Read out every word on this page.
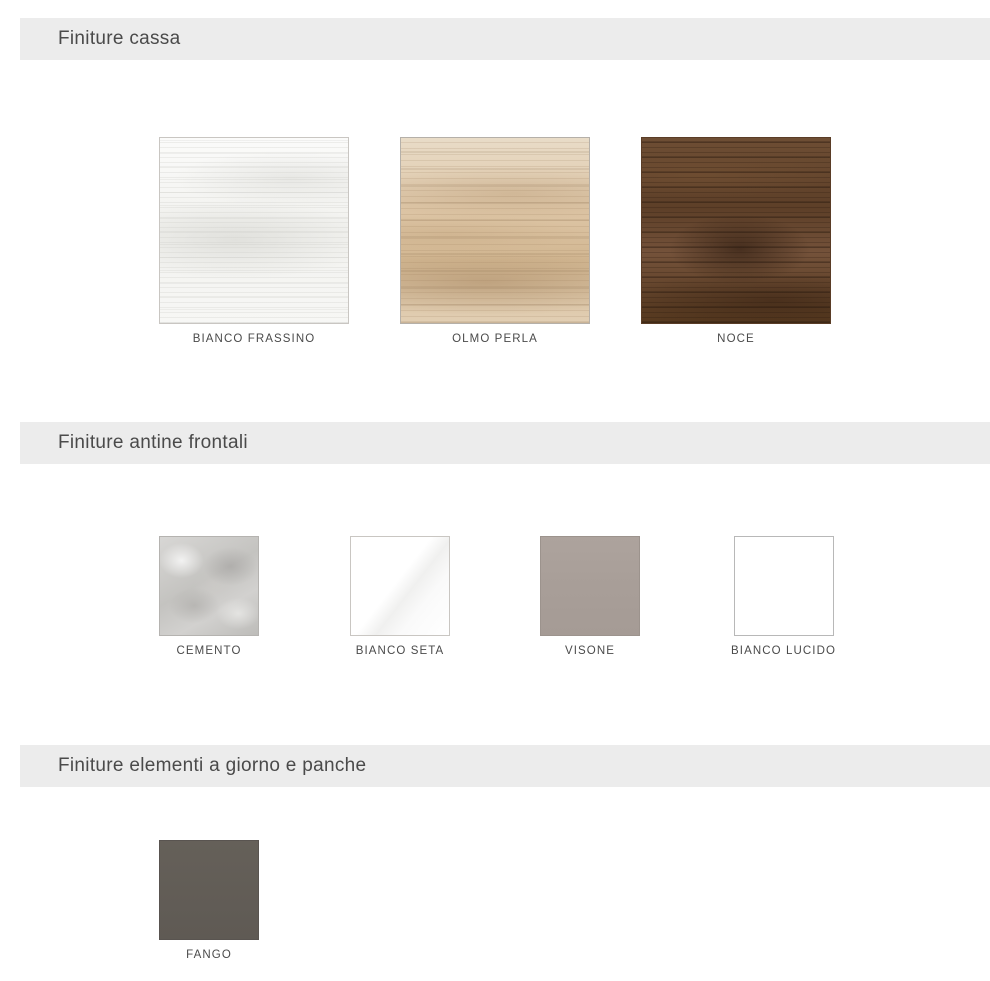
Finiture cassa
BIANCO FRASSINO	OLMO PERLA	NOCE
Finiture antine frontali
CEMENTO	BIANCO SETA	VISONE	BIANCO LUCIDO
Finiture elementi a giorno e panche
FANGO
